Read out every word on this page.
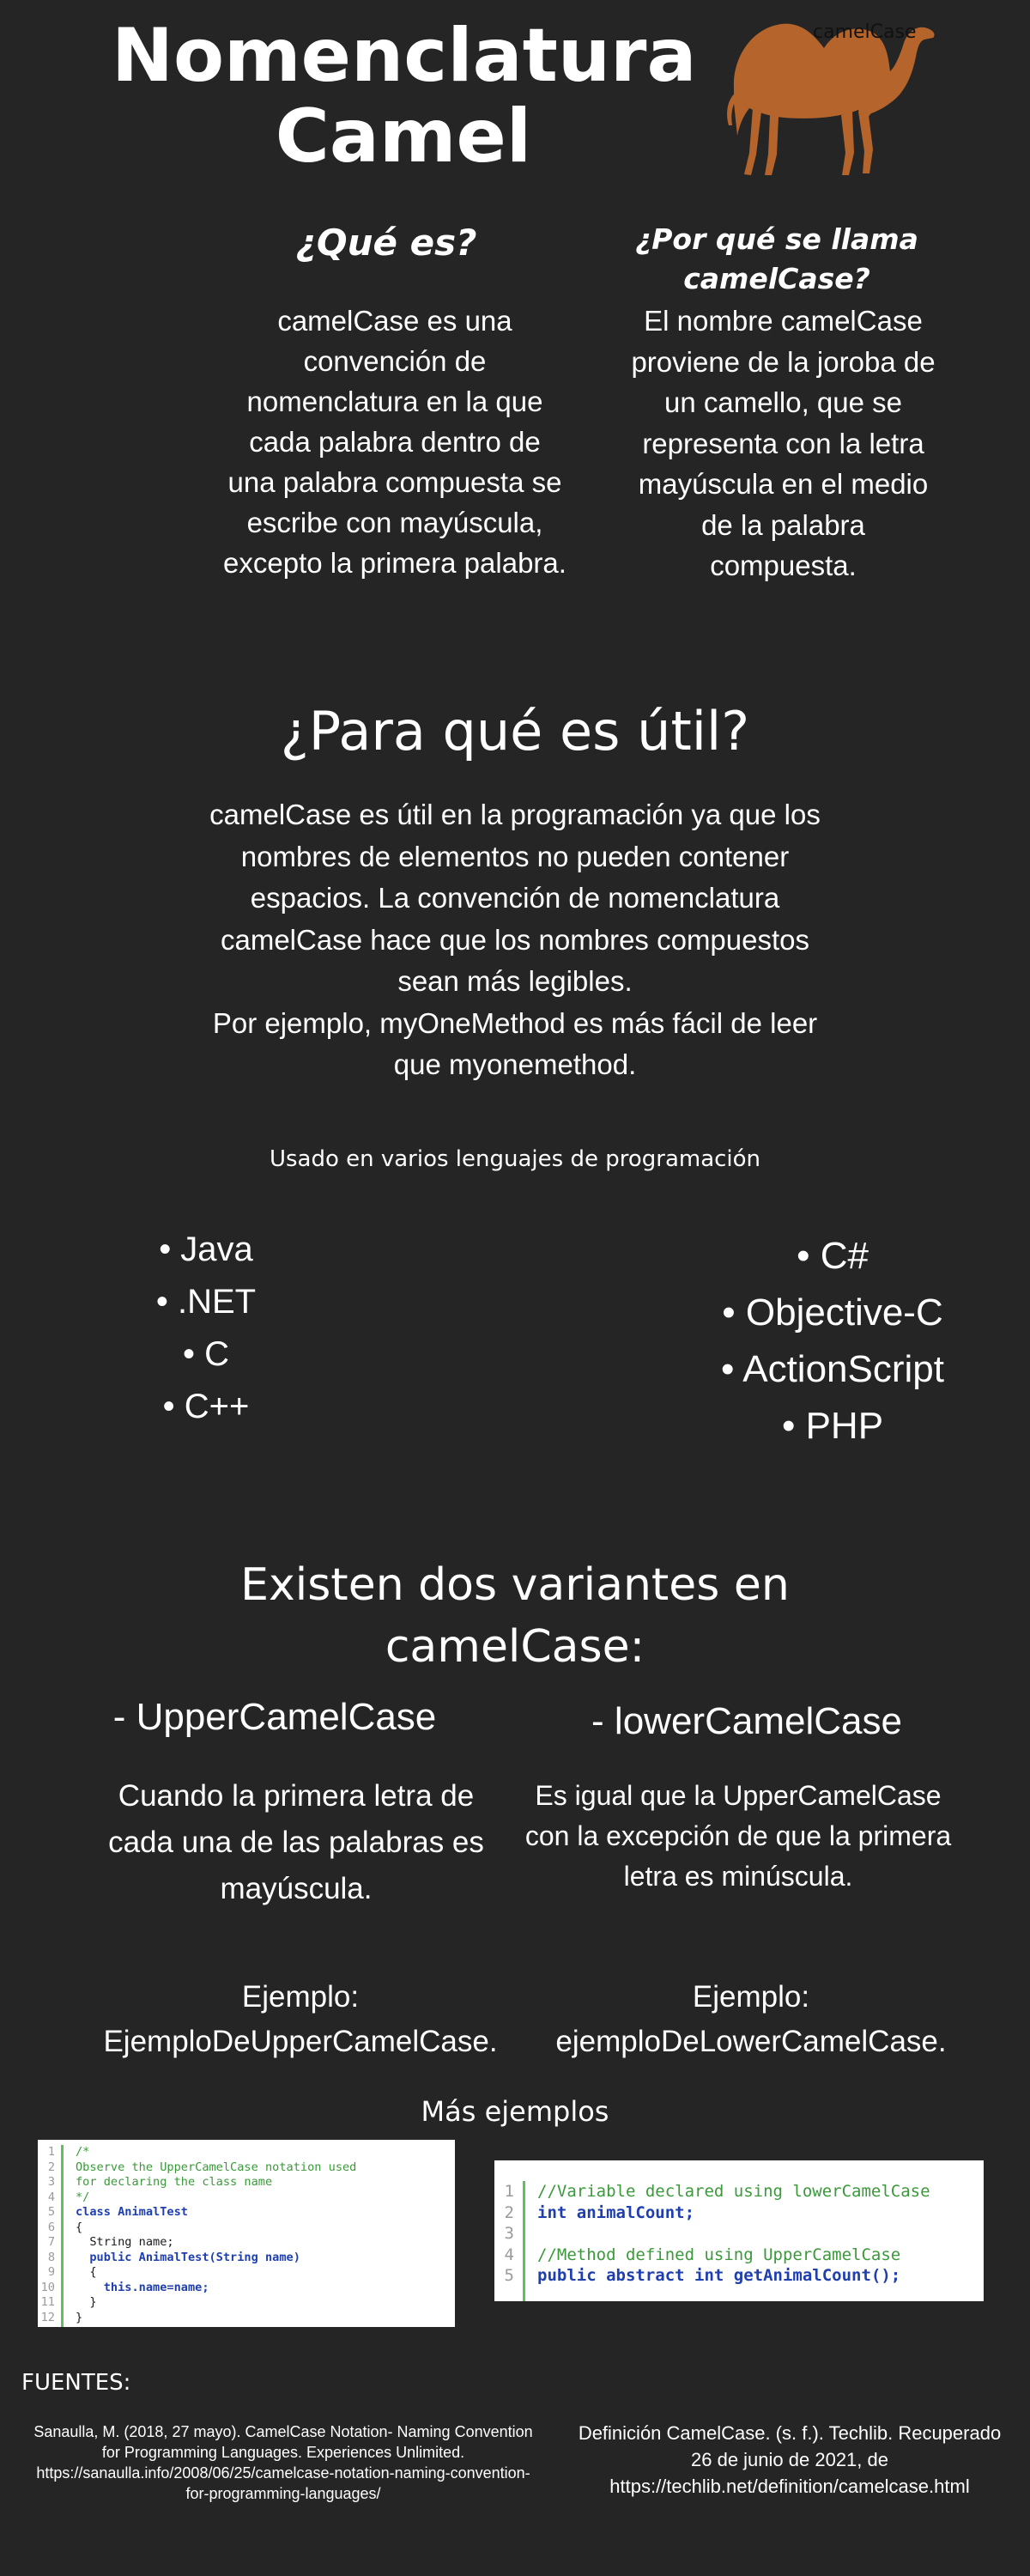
Nomenclatura
Camel
camelCase
¿Qué es?
camelCase es una convención de nomenclatura en la que cada palabra dentro de una palabra compuesta se escribe con mayúscula, excepto la primera palabra.
¿Por qué se llama camelCase?
El nombre camelCase proviene de la joroba de un camello, que se representa con la letra mayúscula en el medio de la palabra compuesta.
¿Para qué es útil?
camelCase es útil en la programación ya que los nombres de elementos no pueden contener espacios. La convención de nomenclatura camelCase hace que los nombres compuestos sean más legibles.
Por ejemplo, myOneMethod es más fácil de leer que myonemethod.
Usado en varios lenguajes de programación
• Java
• .NET
• C
• C++
• C#
• Objective-C
• ActionScript
• PHP
Existen dos variantes en camelCase:
- UpperCamelCase	- lowerCamelCase
Cuando la primera letra de cada una de las palabras es mayúscula.
Es igual que la UpperCamelCase con la excepción de que la primera letra es minúscula.
Ejemplo:
EjemploDeUpperCamelCase.
Ejemplo:
ejemploDeLowerCamelCase.
Más ejemplos
1
2
3
4
5
6
7
8
9
10
11
12
/*
Observe the UpperCamelCase notation used
for declaring the class name
*/
class AnimalTest
{
String name;
public AnimalTest(String name)
{
this.name=name;
}
}
1
2
3
4
5
//Variable declared using lowerCamelCase
int animalCount;

//Method defined using UpperCamelCase
public abstract int getAnimalCount();
FUENTES:
Sanaulla, M. (2018, 27 mayo). CamelCase Notation- Naming Convention for Programming Languages. Experiences Unlimited. https://sanaulla.info/2008/06/25/camelcase-notation-naming-convention-for-programming-languages/
Definición CamelCase. (s. f.). Techlib. Recuperado 26 de junio de 2021, de https://techlib.net/definition/camelcase.html
